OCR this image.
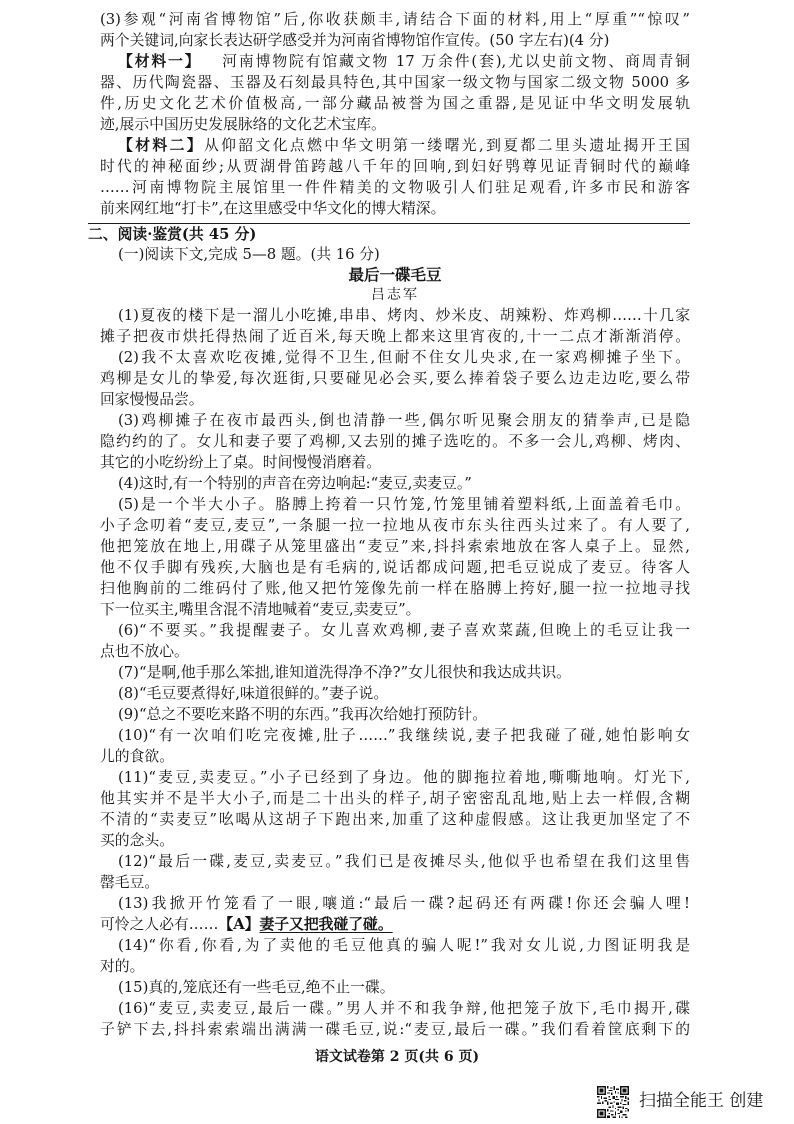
(3)参观“河南省博物馆”后,你收获颇丰,请结合下面的材料,用上“厚重”“惊叹”
两个关键词,向家长表达研学感受并为河南省博物馆作宣传。(50 字左右)(4 分)
【材料一】 河南博物院有馆藏文物 17 万余件(套),尤以史前文物、商周青铜
器、历代陶瓷器、玉器及石刻最具特色,其中国家一级文物与国家二级文物 5000 多
件,历史文化艺术价值极高,一部分藏品被誉为国之重器,是见证中华文明发展轨
迹,展示中国历史发展脉络的文化艺术宝库。
【材料二】从仰韶文化点燃中华文明第一缕曙光,到夏都二里头遗址揭开王国
时代的神秘面纱;从贾湖骨笛跨越八千年的回响,到妇好鸮尊见证青铜时代的巅峰
……河南博物院主展馆里一件件精美的文物吸引人们驻足观看,许多市民和游客
前来网红地“打卡”,在这里感受中华文化的博大精深。
二、阅读·鉴赏(共 45 分)
(一)阅读下文,完成 5—8 题。(共 16 分)
最后一碟毛豆
吕志军
(1)夏夜的楼下是一溜儿小吃摊,串串、烤肉、炒米皮、胡辣粉、炸鸡柳……十几家
摊子把夜市烘托得热闹了近百米,每天晚上都来这里宵夜的,十一二点才渐渐消停。
(2)我不太喜欢吃夜摊,觉得不卫生,但耐不住女儿央求,在一家鸡柳摊子坐下。
鸡柳是女儿的挚爱,每次逛街,只要碰见必会买,要么捧着袋子要么边走边吃,要么带
回家慢慢品尝。
(3)鸡柳摊子在夜市最西头,倒也清静一些,偶尔听见聚会朋友的猜拳声,已是隐
隐约约的了。女儿和妻子要了鸡柳,又去别的摊子选吃的。不多一会儿,鸡柳、烤肉、
其它的小吃纷纷上了桌。时间慢慢消磨着。
(4)这时,有一个特别的声音在旁边响起:“麦豆,卖麦豆。”
(5)是一个半大小子。胳膊上挎着一只竹笼,竹笼里铺着塑料纸,上面盖着毛巾。
小子念叨着“麦豆,麦豆”,一条腿一拉一拉地从夜市东头往西头过来了。有人要了,
他把笼放在地上,用碟子从笼里盛出“麦豆”来,抖抖索索地放在客人桌子上。显然,
他不仅手脚有残疾,大脑也是有毛病的,说话都成问题,把毛豆说成了麦豆。待客人
扫他胸前的二维码付了账,他又把竹笼像先前一样在胳膊上挎好,腿一拉一拉地寻找
下一位买主,嘴里含混不清地喊着“麦豆,卖麦豆”。
(6)“不要买。”我提醒妻子。女儿喜欢鸡柳,妻子喜欢菜蔬,但晚上的毛豆让我一
点也不放心。
(7)“是啊,他手那么笨拙,谁知道洗得净不净?”女儿很快和我达成共识。
(8)“毛豆要煮得好,味道很鲜的。”妻子说。
(9)“总之不要吃来路不明的东西。”我再次给她打预防针。
(10)“有一次咱们吃完夜摊,肚子……”我继续说,妻子把我碰了碰,她怕影响女
儿的食欲。
(11)“麦豆,卖麦豆。”小子已经到了身边。他的脚拖拉着地,嘶嘶地响。灯光下,
他其实并不是半大小子,而是二十出头的样子,胡子密密乱乱地,贴上去一样假,含糊
不清的“卖麦豆”吆喝从这胡子下跑出来,加重了这种虚假感。这让我更加坚定了不
买的念头。
(12)“最后一碟,麦豆,卖麦豆。”我们已是夜摊尽头,他似乎也希望在我们这里售
罄毛豆。
(13)我掀开竹笼看了一眼,嚷道:“最后一碟?起码还有两碟!你还会骗人哩!
可怜之人必有……【A】妻子又把我碰了碰。
(14)“你看,你看,为了卖他的毛豆他真的骗人呢!”我对女儿说,力图证明我是
对的。
(15)真的,笼底还有一些毛豆,绝不止一碟。
(16)“麦豆,卖麦豆,最后一碟。”男人并不和我争辩,他把笼子放下,毛巾揭开,碟
子铲下去,抖抖索索端出满满一碟毛豆,说:“麦豆,最后一碟。”我们看着筐底剩下的
语文试卷第 2 页(共 6 页)
扫描全能王 创建
